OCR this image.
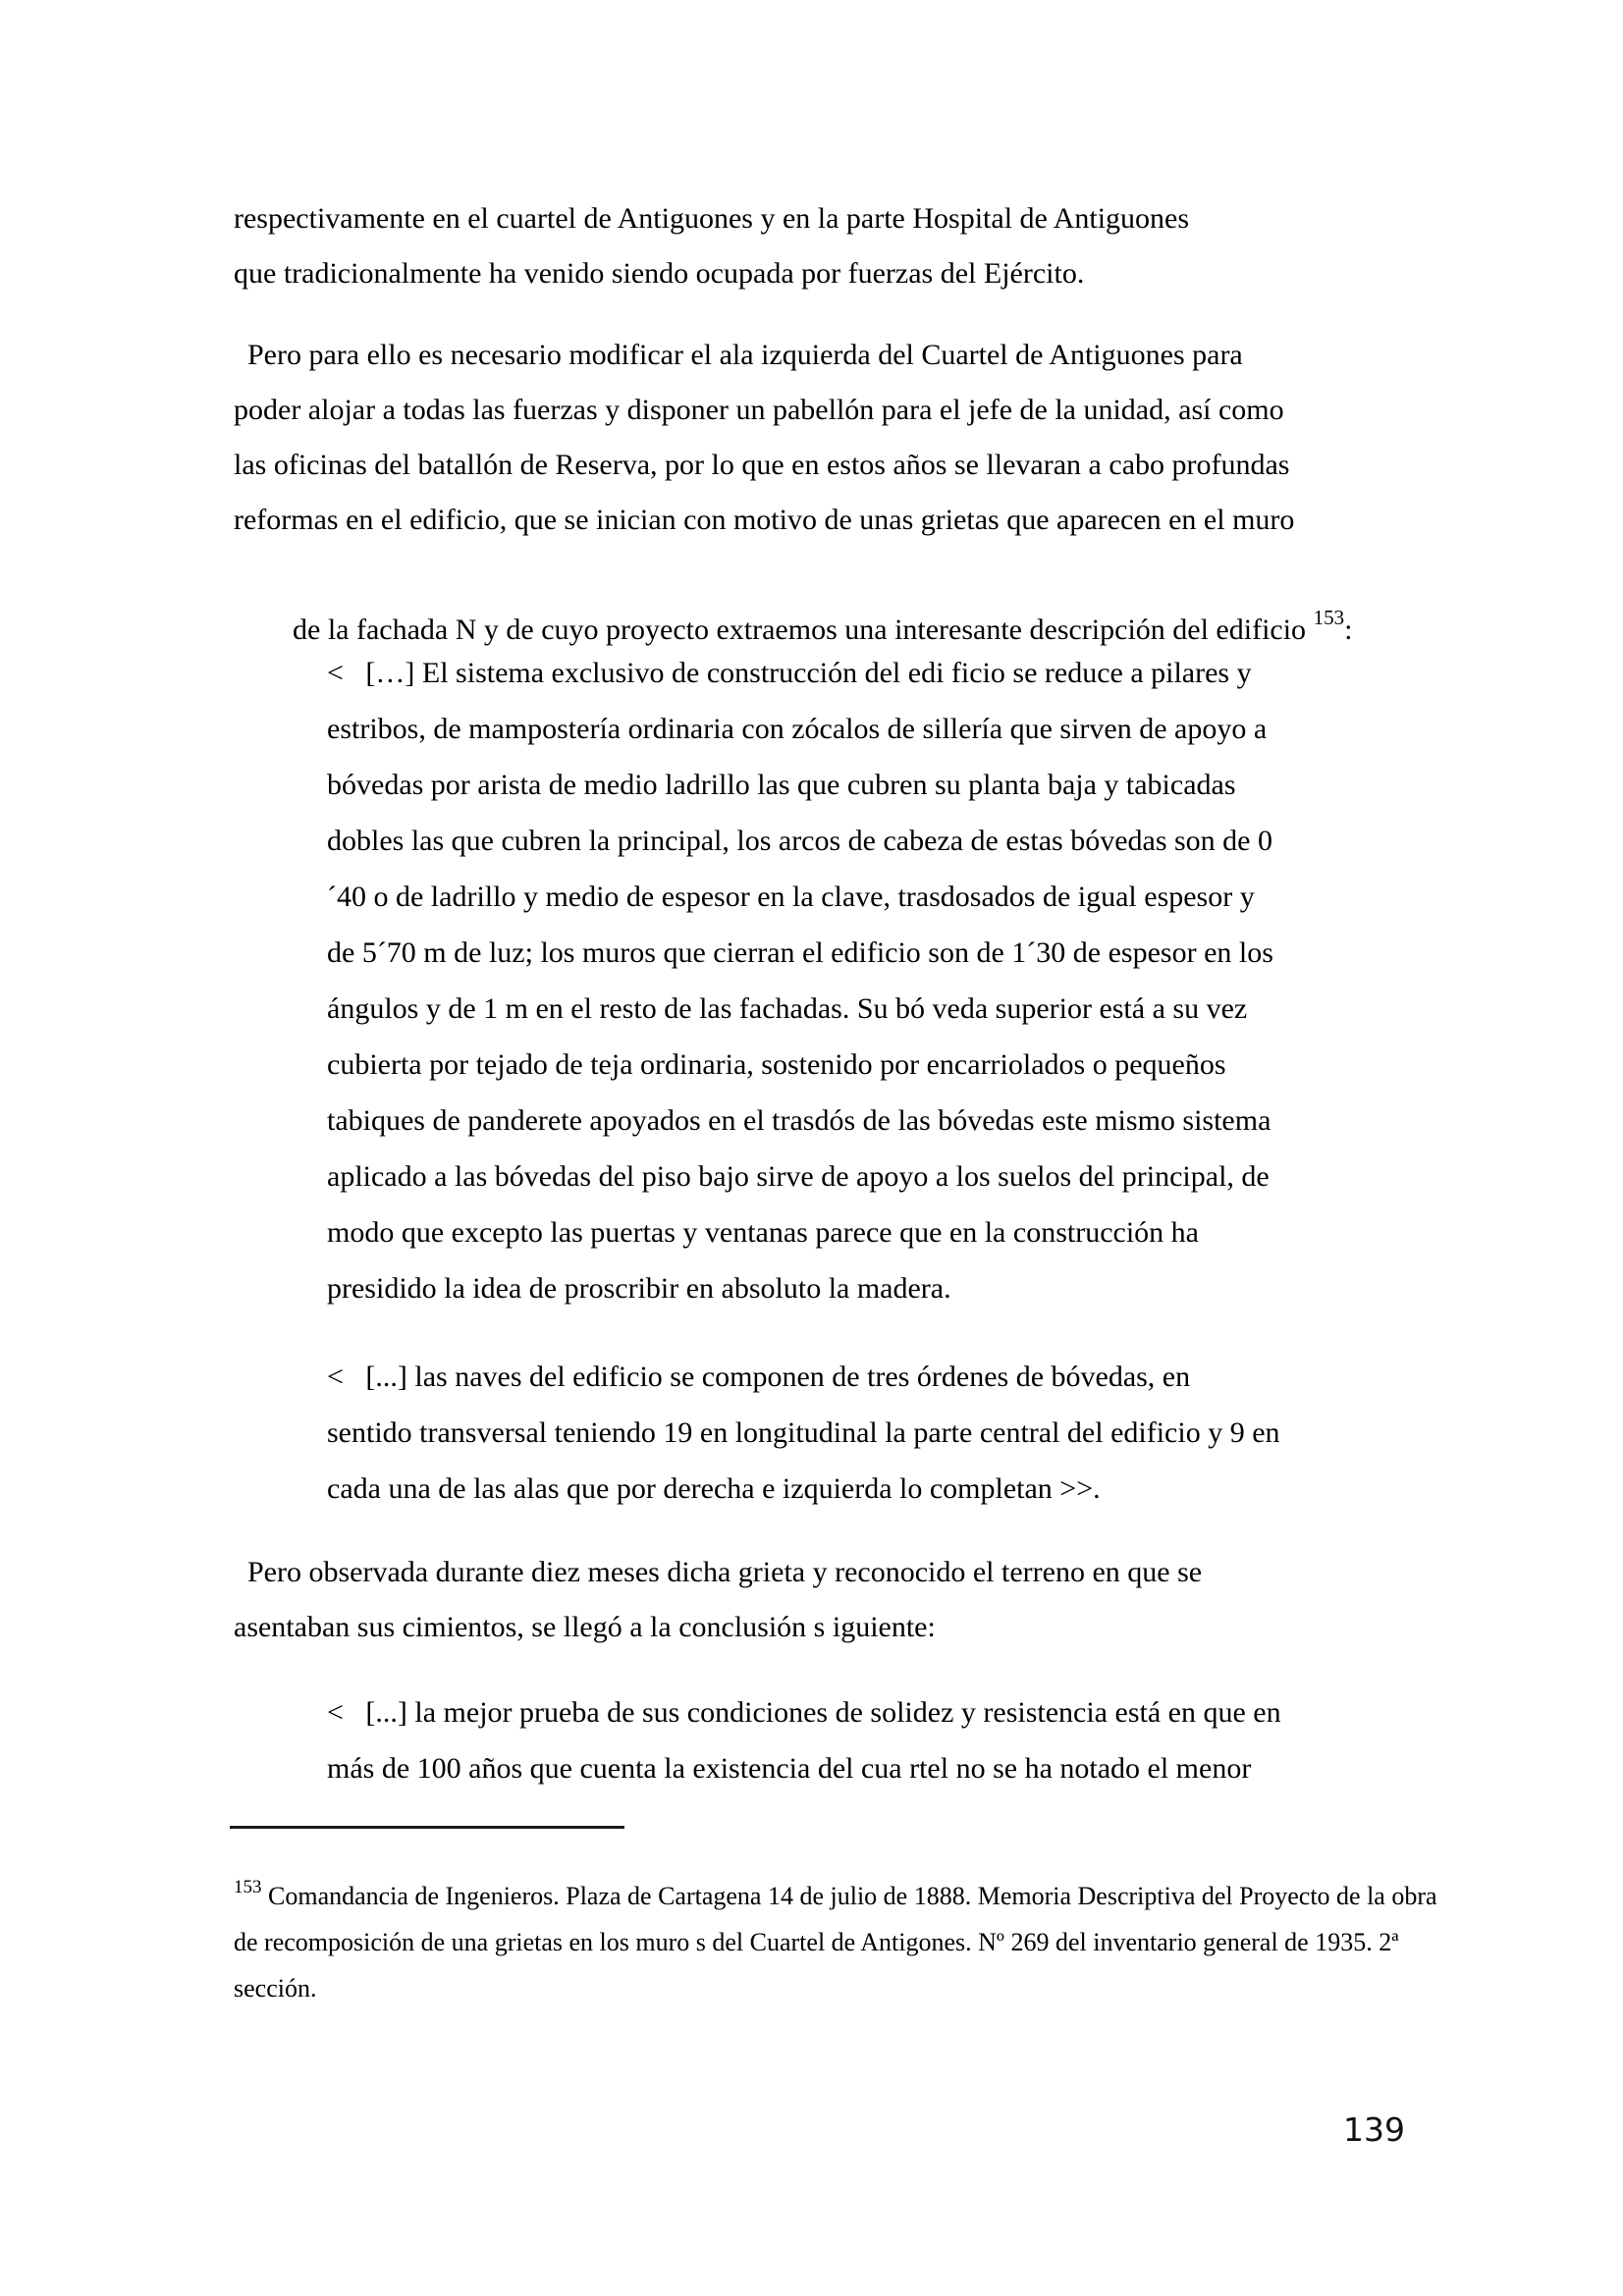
respectivamente en el cuartel de Antiguones y en la parte Hospital de Antiguones
que tradicionalmente ha venido siendo ocupada por fuerzas del Ejército.
Pero para ello es necesario modificar el ala izquierda del Cuartel de Antiguones para
poder alojar a todas las fuerzas y disponer un pabellón para el jefe de la unidad, así como
las oficinas del batallón de Reserva, por lo que en estos años se llevaran a cabo profundas
reformas en el edificio, que se inician con motivo de unas grietas que aparecen en el muro

de la fachada N y de cuyo proyecto extraemos una interesante descripción del edificio $^{153}$:

<   […] El sistema exclusivo de construcción del edi ficio se reduce a pilares y
estribos, de mampostería ordinaria con zócalos de sillería que sirven de apoyo a
bóvedas por arista de medio ladrillo las que cubren su planta baja y tabicadas
dobles las que cubren la principal, los arcos de cabeza de estas bóvedas son de 0
´40 o de ladrillo y medio de espesor en la clave, trasdosados de igual espesor y
de 5´70 m de luz; los muros que cierran el edificio son de 1´30 de espesor en los
ángulos y de 1 m en el resto de las fachadas. Su bó veda superior está a su vez
cubierta por tejado de teja ordinaria, sostenido por encarriolados o pequeños
tabiques de panderete apoyados en el trasdós de las bóvedas este mismo sistema
aplicado a las bóvedas del piso bajo sirve de apoyo a los suelos del principal, de
modo que excepto las puertas y ventanas parece que en la construcción ha
presidido la idea de proscribir en absoluto la madera.
<   [...] las naves del edificio se componen de tres órdenes de bóvedas, en
sentido transversal teniendo 19 en longitudinal la parte central del edificio y 9 en
cada una de las alas que por derecha e izquierda lo completan >>.
Pero observada durante diez meses dicha grieta y reconocido el terreno en que se
asentaban sus cimientos, se llegó a la conclusión s iguiente:
<   [...] la mejor prueba de sus condiciones de solidez y resistencia está en que en
más de 100 años que cuenta la existencia del cua rtel no se ha notado el menor
$^{153}$ Comandancia de Ingenieros. Plaza de Cartagena 14 de julio de 1888. Memoria Descriptiva del Proyecto de la obra
de recomposición de una grietas en los muro s del Cuartel de Antigones. Nº 269 del inventario general de 1935. 2ª
sección.
139
